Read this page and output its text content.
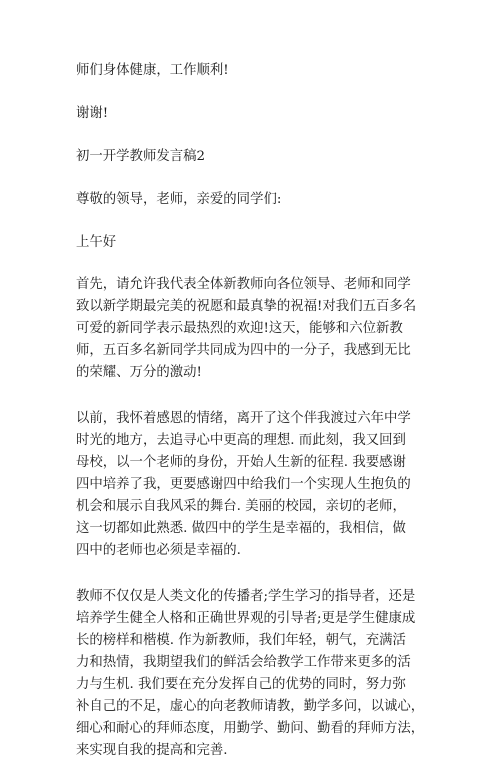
师们身体健康，工作顺利!

谢谢!

初一开学教师发言稿2

尊敬的领导，老师，亲爱的同学们:

上午好

首先，请允许我代表全体新教师向各位领导、老师和同学
致以新学期最完美的祝愿和最真挚的祝福!对我们五百多名
可爱的新同学表示最热烈的欢迎!这天，能够和六位新教
师，五百多名新同学共同成为四中的一分子，我感到无比
的荣耀、万分的激动!

以前，我怀着感恩的情绪，离开了这个伴我渡过六年中学
时光的地方，去追寻心中更高的理想. 而此刻，我又回到
母校，以一个老师的身份，开始人生新的征程. 我要感谢
四中培养了我，更要感谢四中给我们一个实现人生抱负的
机会和展示自我风采的舞台. 美丽的校园，亲切的老师，
这一切都如此熟悉. 做四中的学生是幸福的，我相信，做
四中的老师也必须是幸福的.

教师不仅仅是人类文化的传播者;学生学习的指导者，还是
培养学生健全人格和正确世界观的引导者;更是学生健康成
长的榜样和楷模. 作为新教师，我们年轻，朝气，充满活
力和热情，我期望我们的鲜活会给教学工作带来更多的活
力与生机. 我们要在充分发挥自己的优势的同时，努力弥
补自己的不足，虚心的向老教师请教，勤学多问，以诚心，
细心和耐心的拜师态度，用勤学、勤问、勤看的拜师方法，
来实现自我的提高和完善.
